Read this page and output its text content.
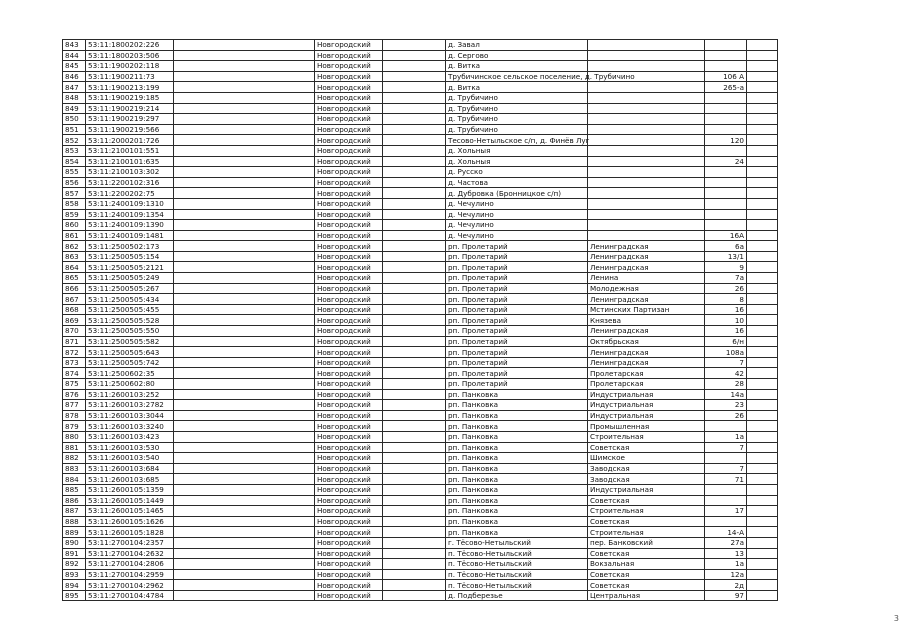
843	53:11:1800202:226		Новгородский		д. Завал			
844	53:11:1800203:506		Новгородский		д. Сергово			
845	53:11:1900202:118		Новгородский		д. Витка			
846	53:11:1900211:73		Новгородский		Трубичинское сельское поселение, д. Трубичино		106 А	
847	53:11:1900213:199		Новгородский		д. Витка		265-а	
848	53:11:1900219:185		Новгородский		д. Трубичино			
849	53:11:1900219:214		Новгородский		д. Трубичино			
850	53:11:1900219:297		Новгородский		д. Трубичино			
851	53:11:1900219:566		Новгородский		д. Трубичино			
852	53:11:2000201:726		Новгородский		Тесово-Нетыльское с/п, д. Финёв Луг		120	
853	53:11:2100101:551		Новгородский		д. Хольныя			
854	53:11:2100101:635		Новгородский		д. Хольныя		24	
855	53:11:2100103:302		Новгородский		д. Русско			
856	53:11:2200102:316		Новгородский		д. Частова			
857	53:11:2200202:75		Новгородский		д. Дубровка (Бронницкое с/п)			
858	53:11:2400109:1310		Новгородский		д. Чечулино			
859	53:11:2400109:1354		Новгородский		д. Чечулино			
860	53:11:2400109:1390		Новгородский		д. Чечулино			
861	53:11:2400109:1481		Новгородский		д. Чечулино		16А	
862	53:11:2500502:173		Новгородский		рп. Пролетарий	Ленинградская	6а	
863	53:11:2500505:154		Новгородский		рп. Пролетарий	Ленинградская	13/1	
864	53:11:2500505:2121		Новгородский		рп. Пролетарий	Ленинградская	9	
865	53:11:2500505:249		Новгородский		рп. Пролетарий	Ленина	7а	
866	53:11:2500505:267		Новгородский		рп. Пролетарий	Молодежная	26	
867	53:11:2500505:434		Новгородский		рп. Пролетарий	Ленинградская	8	
868	53:11:2500505:455		Новгородский		рп. Пролетарий	Мстинских Партизан	16	
869	53:11:2500505:528		Новгородский		рп. Пролетарий	Князева	10	
870	53:11:2500505:550		Новгородский		рп. Пролетарий	Ленинградская	16	
871	53:11:2500505:582		Новгородский		рп. Пролетарий	Октябрьская	6/н	
872	53:11:2500505:643		Новгородский		рп. Пролетарий	Ленинградская	108а	
873	53:11:2500505:742		Новгородский		рп. Пролетарий	Ленинградская	7	
874	53:11:2500602:35		Новгородский		рп. Пролетарий	Пролетарская	42	
875	53:11:2500602:80		Новгородский		рп. Пролетарий	Пролетарская	28	
876	53:11:2600103:252		Новгородский		рп. Панковка	Индустриальная	14а	
877	53:11:2600103:2782		Новгородский		рп. Панковка	Индустриальная	23	
878	53:11:2600103:3044		Новгородский		рп. Панковка	Индустриальная	26	
879	53:11:2600103:3240		Новгородский		рп. Панковка	Промышленная		
880	53:11:2600103:423		Новгородский		рп. Панковка	Строительная	1а	
881	53:11:2600103:530		Новгородский		рп. Панковка	Советская	7	
882	53:11:2600103:540		Новгородский		рп. Панковка	Шимское		
883	53:11:2600103:684		Новгородский		рп. Панковка	Заводская	7	
884	53:11:2600103:685		Новгородский		рп. Панковка	Заводская	71	
885	53:11:2600105:1359		Новгородский		рп. Панковка	Индустриальная		
886	53:11:2600105:1449		Новгородский		рп. Панковка	Советская		
887	53:11:2600105:1465		Новгородский		рп. Панковка	Строительная	17	
888	53:11:2600105:1626		Новгородский		рп. Панковка	Советская		
889	53:11:2600105:1828		Новгородский		рп. Панковка	Строительная	14-А	
890	53:11:2700104:2357		Новгородский		г. Тёсово-Нетыльский	пер. Банковский	27а	
891	53:11:2700104:2632		Новгородский		п. Тёсово-Нетыльский	Советская	13	
892	53:11:2700104:2806		Новгородский		п. Тёсово-Нетыльский	Вокзальная	1а	
893	53:11:2700104:2959		Новгородский		п. Тёсово-Нетыльский	Советская	12а	
894	53:11:2700104:2962		Новгородский		п. Тёсово-Нетыльский	Советская	2д	
895	53:11:2700104:4784		Новгородский		д. Подберезье	Центральная	97	
3
